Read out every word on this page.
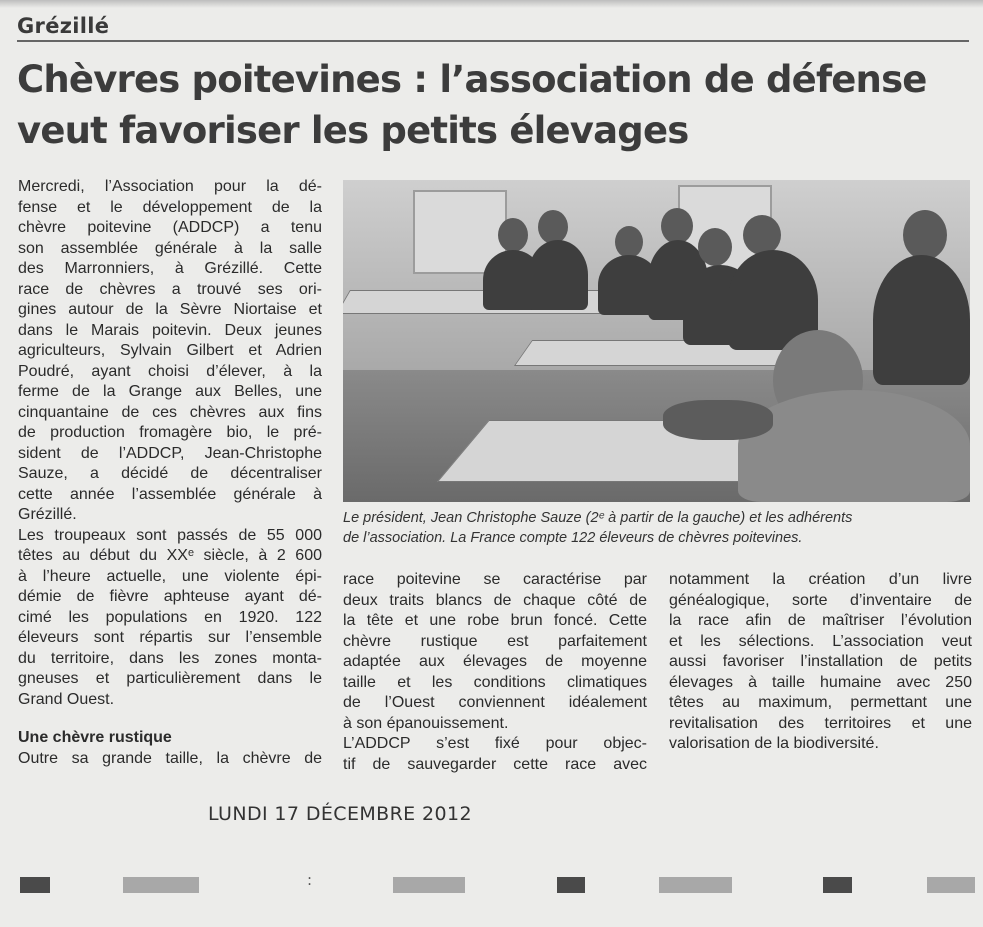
Grézillé
Chèvres poitevines : l’association de défense
veut favoriser les petits élevages
Mercredi, l’Association pour la dé-
fense et le développement de la
chèvre poitevine (ADDCP) a tenu
son assemblée générale à la salle
des Marronniers, à Grézillé. Cette
race de chèvres a trouvé ses ori-
gines autour de la Sèvre Niortaise et
dans le Marais poitevin. Deux jeunes
agriculteurs, Sylvain Gilbert et Adrien
Poudré, ayant choisi d’élever, à la
ferme de la Grange aux Belles, une
cinquantaine de ces chèvres aux fins
de production fromagère bio, le pré-
sident de l’ADDCP, Jean-Christophe
Sauze, a décidé de décentraliser
cette année l’assemblée générale à
Grézillé.
Les troupeaux sont passés de 55 000
têtes au début du XXᵉ siècle, à 2 600
à l’heure actuelle, une violente épi-
démie de fièvre aphteuse ayant dé-
cimé les populations en 1920. 122
éleveurs sont répartis sur l’ensemble
du territoire, dans les zones monta-
gneuses et particulièrement dans le
Grand Ouest.
Une chèvre rustique
Outre sa grande taille, la chèvre de
Le président, Jean Christophe Sauze (2ᵉ à partir de la gauche) et les adhérents
de l’association. La France compte 122 éleveurs de chèvres poitevines.
race poitevine se caractérise par
deux traits blancs de chaque côté de
la tête et une robe brun foncé. Cette
chèvre rustique est parfaitement
adaptée aux élevages de moyenne
taille et les conditions climatiques
de l’Ouest conviennent idéalement
à son épanouissement.
L’ADDCP s’est fixé pour objec-
tif de sauvegarder cette race avec
notamment la création d’un livre
généalogique, sorte d’inventaire de
la race afin de maîtriser l’évolution
et les sélections. L’association veut
aussi favoriser l’installation de petits
élevages à taille humaine avec 250
têtes au maximum, permettant une
revitalisation des territoires et une
valorisation de la biodiversité.
LUNDI 17 DÉCEMBRE 2012
:
